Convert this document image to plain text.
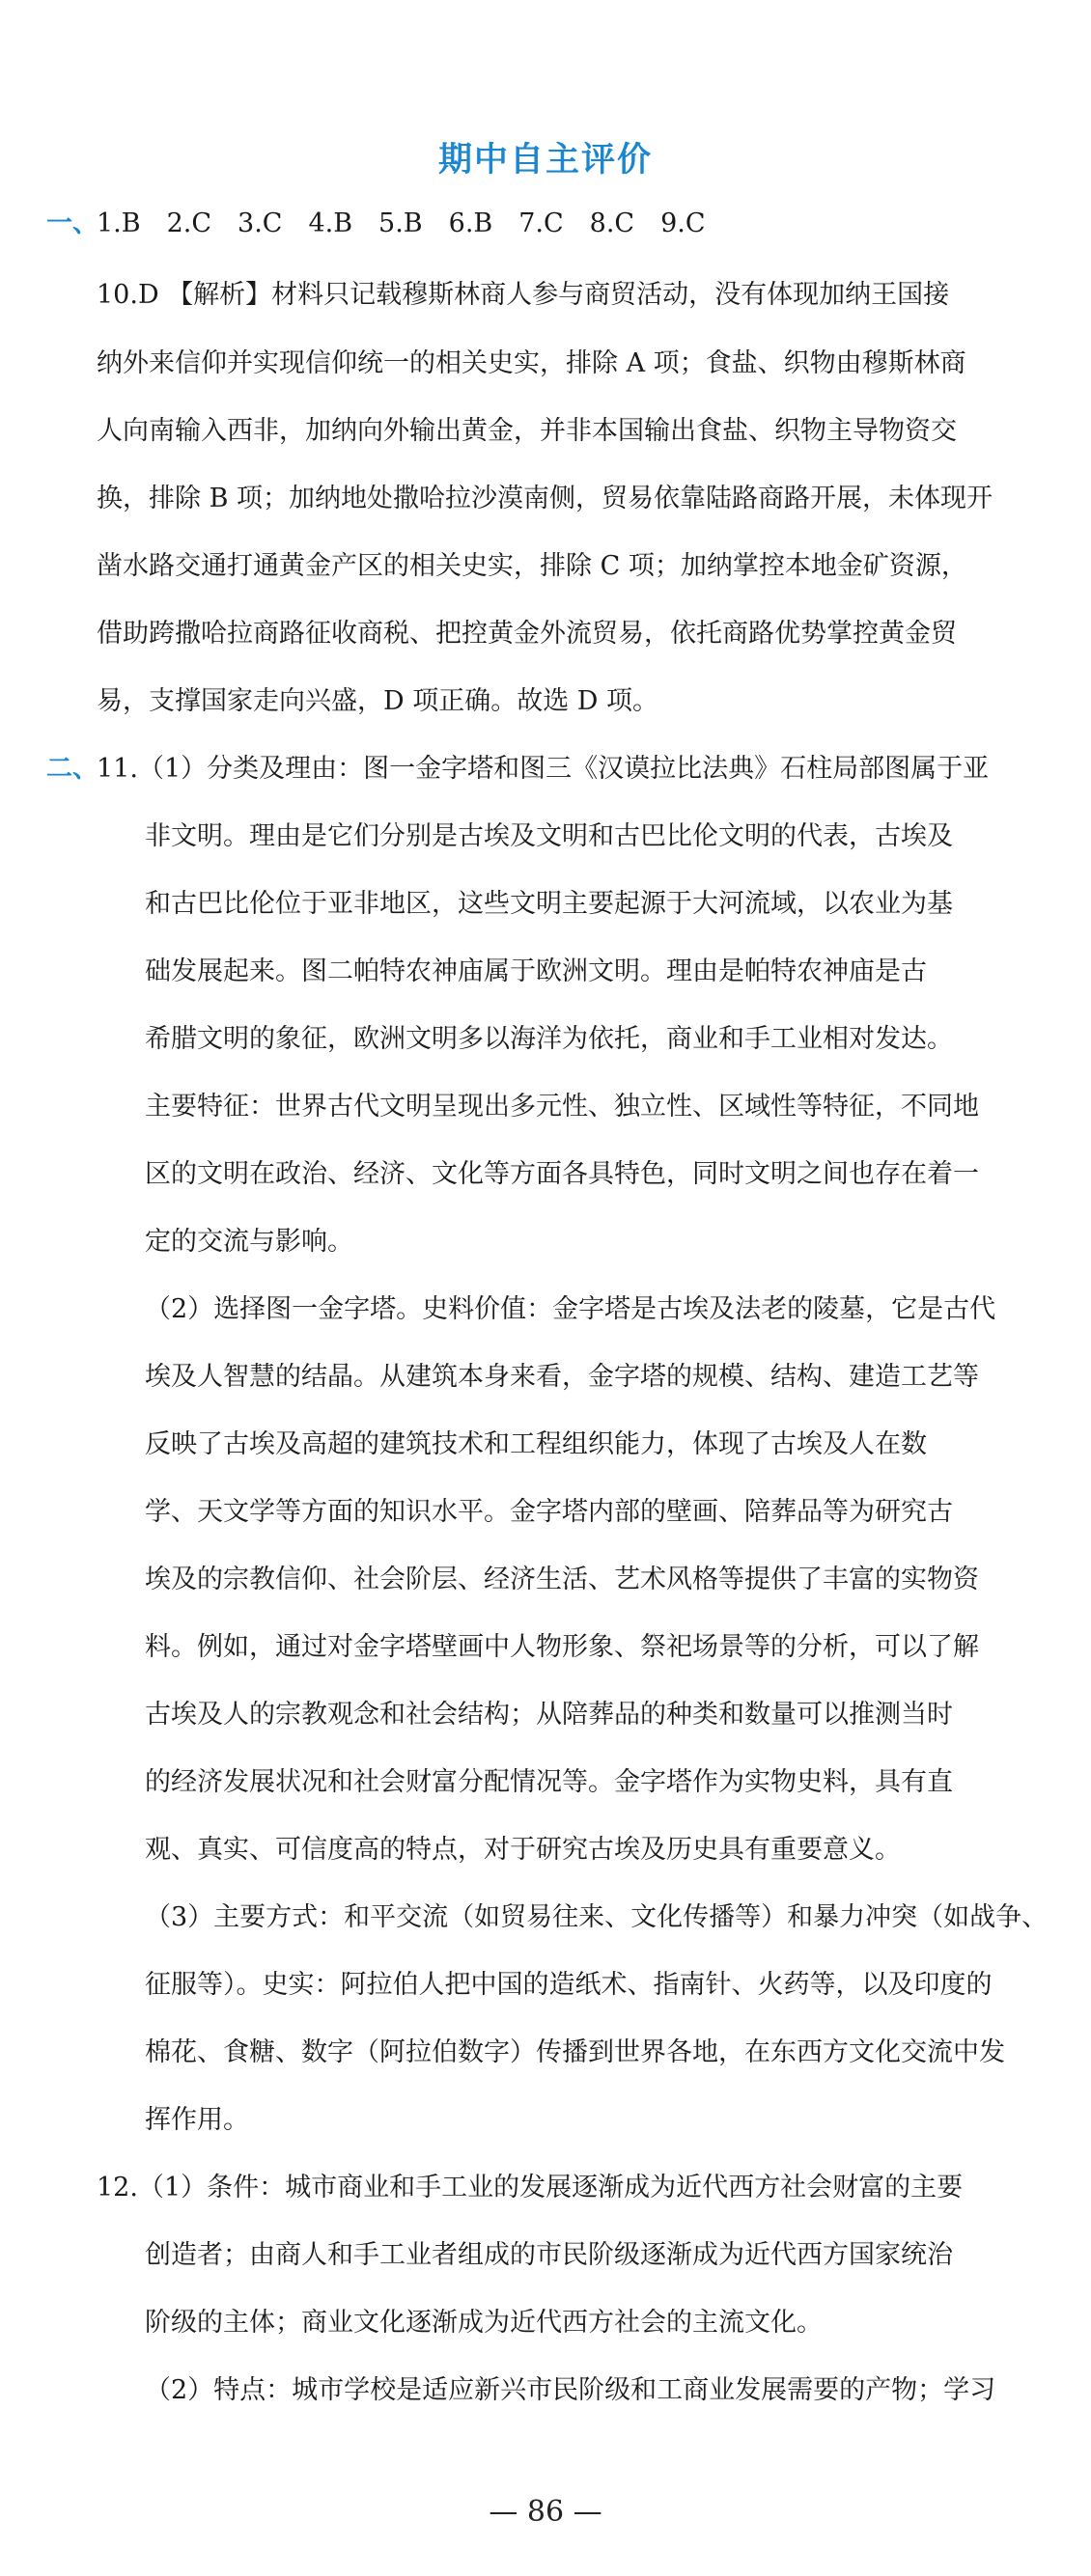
期中自主评价
一、
1.B　2.C　3.C　4.B　5.B　6.B　7.C　8.C　9.C
10.D 【解析】材料只记载穆斯林商人参与商贸活动，没有体现加纳王国接
纳外来信仰并实现信仰统一的相关史实，排除 A 项；食盐、织物由穆斯林商
人向南输入西非，加纳向外输出黄金，并非本国输出食盐、织物主导物资交
换，排除 B 项；加纳地处撒哈拉沙漠南侧，贸易依靠陆路商路开展，未体现开
凿水路交通打通黄金产区的相关史实，排除 C 项；加纳掌控本地金矿资源，
借助跨撒哈拉商路征收商税、把控黄金外流贸易，依托商路优势掌控黄金贸
易，支撑国家走向兴盛，D 项正确。故选 D 项。
二、
11.（1）分类及理由：图一金字塔和图三《汉谟拉比法典》石柱局部图属于亚
非文明。理由是它们分别是古埃及文明和古巴比伦文明的代表，古埃及
和古巴比伦位于亚非地区，这些文明主要起源于大河流域，以农业为基
础发展起来。图二帕特农神庙属于欧洲文明。理由是帕特农神庙是古
希腊文明的象征，欧洲文明多以海洋为依托，商业和手工业相对发达。
主要特征：世界古代文明呈现出多元性、独立性、区域性等特征，不同地
区的文明在政治、经济、文化等方面各具特色，同时文明之间也存在着一
定的交流与影响。
（2）选择图一金字塔。史料价值：金字塔是古埃及法老的陵墓，它是古代
埃及人智慧的结晶。从建筑本身来看，金字塔的规模、结构、建造工艺等
反映了古埃及高超的建筑技术和工程组织能力，体现了古埃及人在数
学、天文学等方面的知识水平。金字塔内部的壁画、陪葬品等为研究古
埃及的宗教信仰、社会阶层、经济生活、艺术风格等提供了丰富的实物资
料。例如，通过对金字塔壁画中人物形象、祭祀场景等的分析，可以了解
古埃及人的宗教观念和社会结构；从陪葬品的种类和数量可以推测当时
的经济发展状况和社会财富分配情况等。金字塔作为实物史料，具有直
观、真实、可信度高的特点，对于研究古埃及历史具有重要意义。
（3）主要方式：和平交流（如贸易往来、文化传播等）和暴力冲突（如战争、
征服等）。史实：阿拉伯人把中国的造纸术、指南针、火药等，以及印度的
棉花、食糖、数字（阿拉伯数字）传播到世界各地，在东西方文化交流中发
挥作用。
12.（1）条件：城市商业和手工业的发展逐渐成为近代西方社会财富的主要
创造者；由商人和手工业者组成的市民阶级逐渐成为近代西方国家统治
阶级的主体；商业文化逐渐成为近代西方社会的主流文化。
（2）特点：城市学校是适应新兴市民阶级和工商业发展需要的产物；学习
— 86 —
